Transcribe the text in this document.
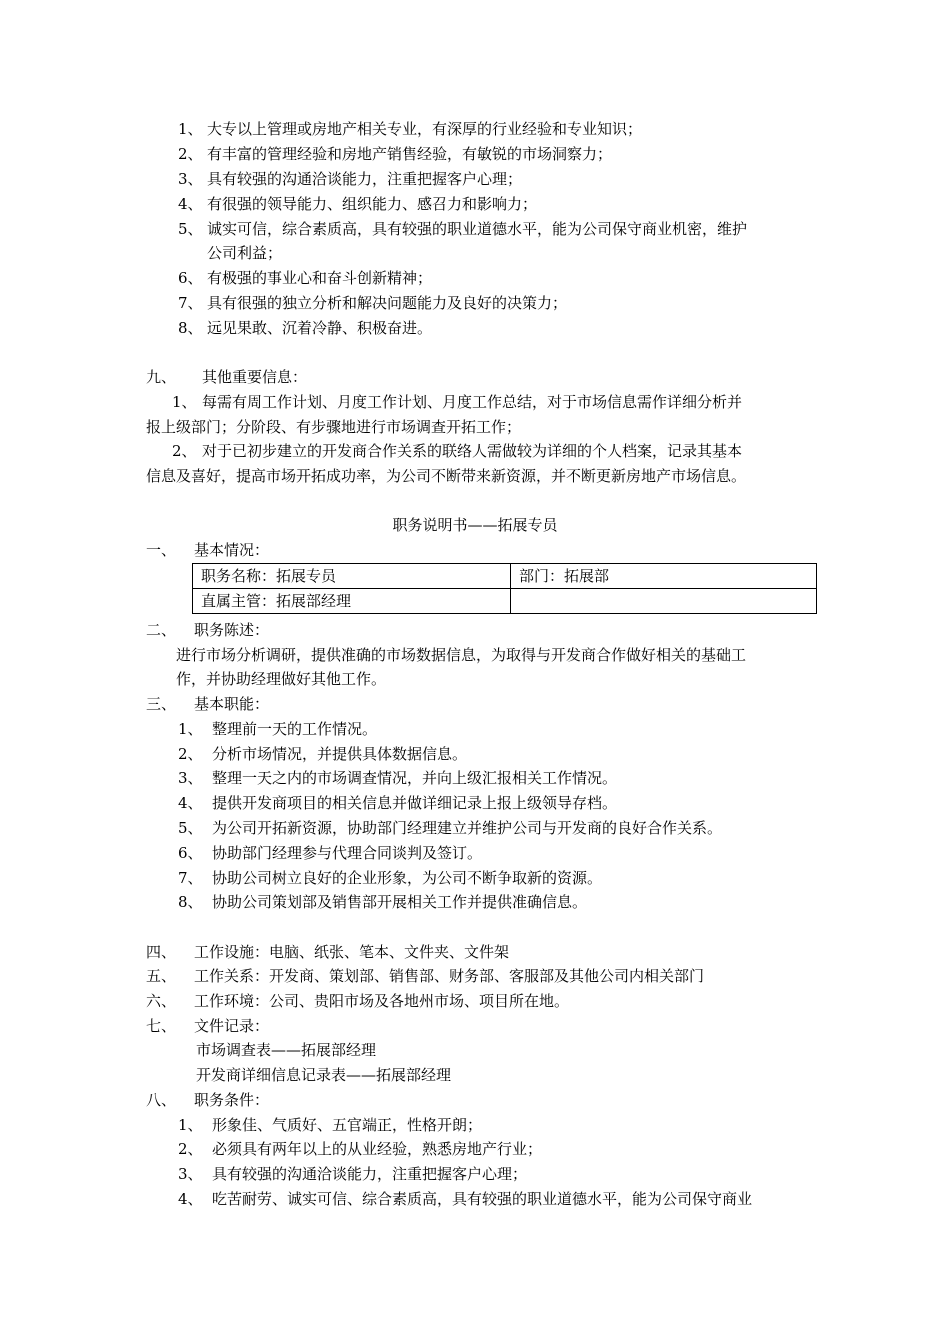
1、 大专以上管理或房地产相关专业，有深厚的行业经验和专业知识；
2、 有丰富的管理经验和房地产销售经验，有敏锐的市场洞察力；
3、 具有较强的沟通洽谈能力，注重把握客户心理；
4、 有很强的领导能力、组织能力、感召力和影响力；
5、 诚实可信，综合素质高，具有较强的职业道德水平，能为公司保守商业机密，维护
公司利益；
6、 有极强的事业心和奋斗创新精神；
7、 具有很强的独立分析和解决问题能力及良好的决策力；
8、 远见果敢、沉着冷静、积极奋进。
九、 其他重要信息：
1、 每需有周工作计划、月度工作计划、月度工作总结，对于市场信息需作详细分析并
报上级部门；分阶段、有步骤地进行市场调查开拓工作；
2、 对于已初步建立的开发商合作关系的联络人需做较为详细的个人档案，记录其基本
信息及喜好，提高市场开拓成功率，为公司不断带来新资源，并不断更新房地产市场信息。
职务说明书——拓展专员
一、 基本情况：
职务名称：拓展专员	部门：拓展部
直属主管：拓展部经理	
二、 职务陈述：
进行市场分析调研，提供准确的市场数据信息，为取得与开发商合作做好相关的基础工
作，并协助经理做好其他工作。
三、 基本职能：
1、 整理前一天的工作情况。
2、 分析市场情况，并提供具体数据信息。
3、 整理一天之内的市场调查情况，并向上级汇报相关工作情况。
4、 提供开发商项目的相关信息并做详细记录上报上级领导存档。
5、 为公司开拓新资源，协助部门经理建立并维护公司与开发商的良好合作关系。
6、 协助部门经理参与代理合同谈判及签订。
7、 协助公司树立良好的企业形象，为公司不断争取新的资源。
8、 协助公司策划部及销售部开展相关工作并提供准确信息。
四、 工作设施：电脑、纸张、笔本、文件夹、文件架
五、 工作关系：开发商、策划部、销售部、财务部、客服部及其他公司内相关部门
六、 工作环境：公司、贵阳市场及各地州市场、项目所在地。
七、 文件记录：
市场调查表——拓展部经理
开发商详细信息记录表——拓展部经理
八、 职务条件：
1、 形象佳、气质好、五官端正，性格开朗；
2、 必须具有两年以上的从业经验，熟悉房地产行业；
3、 具有较强的沟通洽谈能力，注重把握客户心理；
4、 吃苦耐劳、诚实可信、综合素质高，具有较强的职业道德水平，能为公司保守商业
